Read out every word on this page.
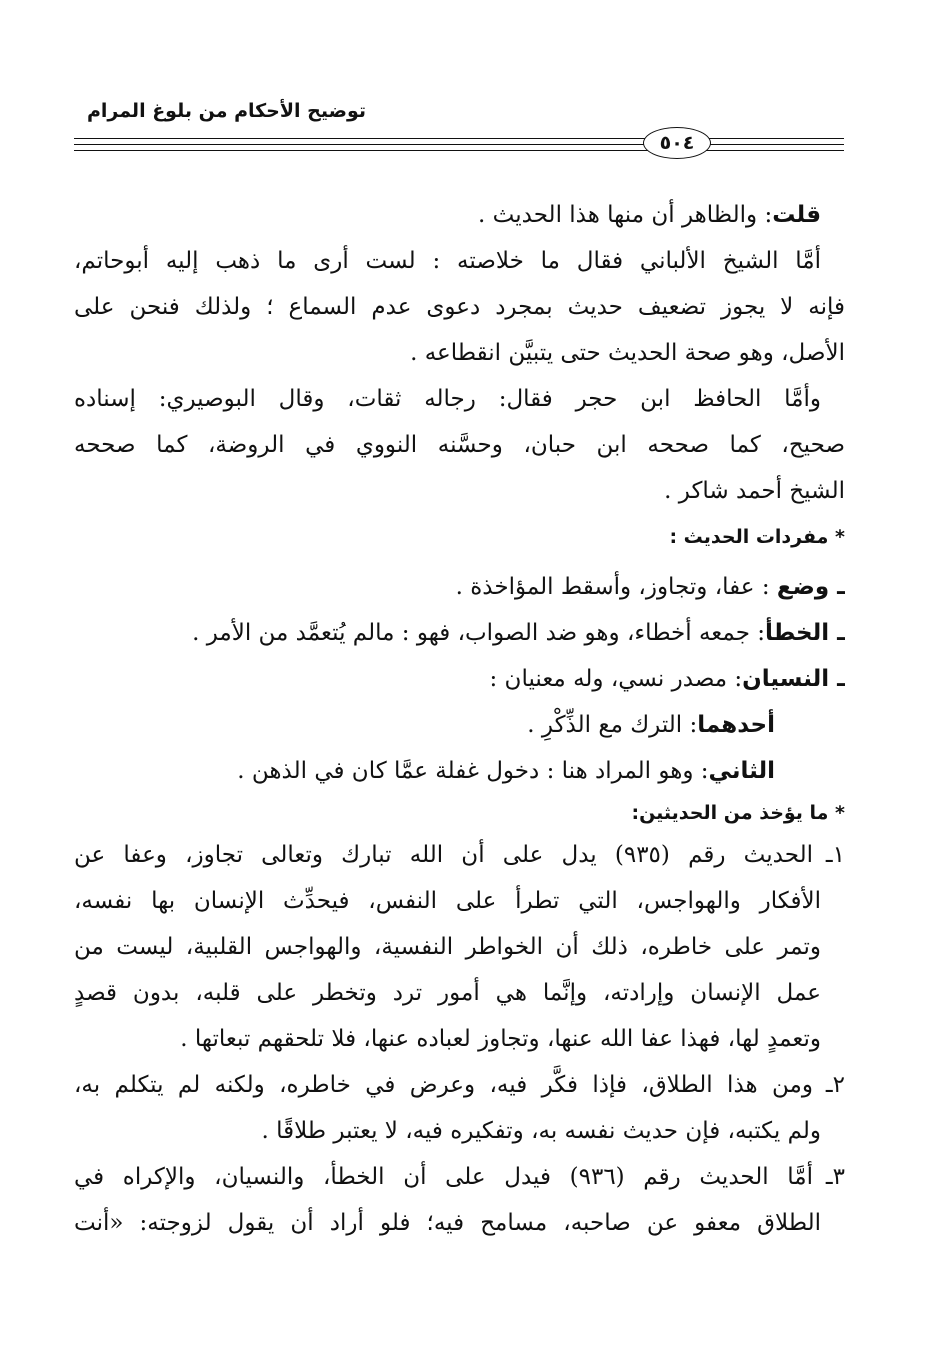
توضيح الأحكام من بلوغ المرام
٥٠٤
قلت: والظاهر أن منها هذا الحديث .
أمَّا الشيخ الألباني فقال ما خلاصته : لست أرى ما ذهب إليه أبوحاتم،
فإنه لا يجوز تضعيف حديث بمجرد دعوى عدم السماع ؛ ولذلك فنحن على
الأصل، وهو صحة الحديث حتى يتبيَّن انقطاعه .
وأمَّا الحافظ ابن حجر فقال: رجاله ثقات، وقال البوصيري: إسناده
صحيح، كما صححه ابن حبان، وحسَّنه النووي في الروضة، كما صححه
الشيخ أحمد شاكر .
* مفردات الحديث :
ـ وضع : عفا، وتجاوز، وأسقط المؤاخذة .
ـ الخطأ: جمعه أخطاء، وهو ضد الصواب، فهو : مالم يُتعمَّد من الأمر .
ـ النسيان: مصدر نسي، وله معنيان :
أحدهما: الترك مع الذِّكْرِ .
الثاني: وهو المراد هنا : دخول غفلة عمَّا كان في الذهن .
* ما يؤخذ من الحديثين:
١ـالحديث رقم (٩٣٥) يدل على أن الله تبارك وتعالى تجاوز، وعفا عن
الأفكار والهواجس، التي تطرأ على النفس، فيحدِّث الإنسان بها نفسه،
وتمر على خاطره، ذلك أن الخواطر النفسية، والهواجس القلبية، ليست من
عمل الإنسان وإرادته، وإنَّما هي أمور ترد وتخطر على قلبه، بدون قصدٍ
وتعمدٍ لها، فهذا عفا الله عنها، وتجاوز لعباده عنها، فلا تلحقهم تبعاتها .
٢ـومن هذا الطلاق، فإذا فكَّر فيه، وعرض في خاطره، ولكنه لم يتكلم به،
ولم يكتبه، فإن حديث نفسه به، وتفكيره فيه، لا يعتبر طلاقًا .
٣ـأمَّا الحديث رقم (٩٣٦) فيدل على أن الخطأ، والنسيان، والإكراه في
الطلاق معفو عن صاحبه، مسامح فيه؛ فلو أراد أن يقول لزوجته: «أنت
